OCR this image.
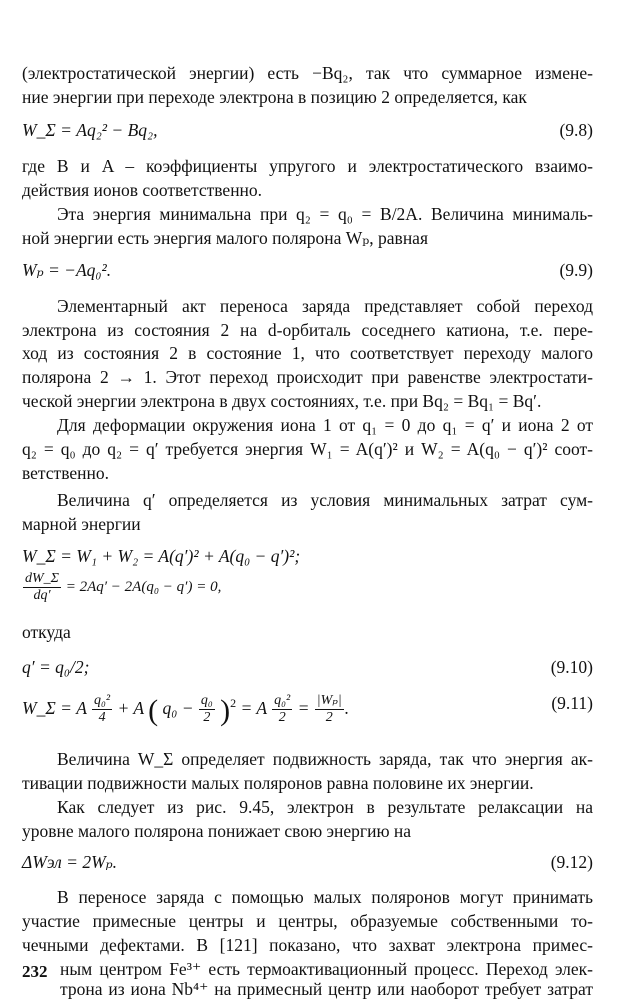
(электростатической энергии) есть −Bq₂, так что суммарное измене-
ние энергии при переходе электрона в позицию 2 определяется, как
W_Σ = Aq₂² − Bq₂,	(9.8)
где B и A – коэффициенты упругого и электростатического взаимо-
действия ионов соответственно.
Эта энергия минимальна при q₂ = q₀ = B/2A. Величина минималь-
ной энергии есть энергия малого полярона Wₚ, равная
Wₚ = −Aq₀².	(9.9)
Элементарный акт переноса заряда представляет собой переход
электрона из состояния 2 на d-орбиталь соседнего катиона, т.е. пере-
ход из состояния 2 в состояние 1, что соответствует переходу малого
полярона 2 → 1. Этот переход происходит при равенстве электростати-
ческой энергии электрона в двух состояниях, т.е. при Bq₂ = Bq₁ = Bq′.
Для деформации окружения иона 1 от q₁ = 0 до q₁ = q′ и иона 2 от
q₂ = q₀ до q₂ = q′ требуется энергия W₁ = A(q′)² и W₂ = A(q₀ − q′)² соот-
ветственно.
Величина q′ определяется из условия минимальных затрат сум-
марной энергии
W_Σ = W₁ + W₂ = A(q′)² + A(q₀ − q′)²;
$\frac{dW\_\Sigma}{dq'} = 2Aq' - 2A(q_0 - q') = 0$,
откуда
q′ = q₀/2;	(9.10)
W_Σ = A $\frac{\text{q₀²}}{4} + A$ ( $q_0 - \frac{\text{q₀}}{2} )^2 = A \frac{\text{q₀²}}{2} = \frac{\text{|Wₚ|}}{2}$ .	(9.11)
Величина W_Σ определяет подвижность заряда, так что энергия ак-
тивации подвижности малых поляронов равна половине их энергии.
Как следует из рис. 9.45, электрон в результате релаксации на
уровне малого полярона понижает свою энергию на
ΔWэл = 2Wₚ.	(9.12)
В переносе заряда с помощью малых поляронов могут принимать
участие примесные центры и центры, образуемые собственными то-
чечными дефектами. В [121] показано, что захват электрона примес-
ным центром Fe³⁺ есть термоактивационный процесс. Переход элек-
трона из иона Nb⁴⁺ на примесный центр или наоборот требует затрат
232
